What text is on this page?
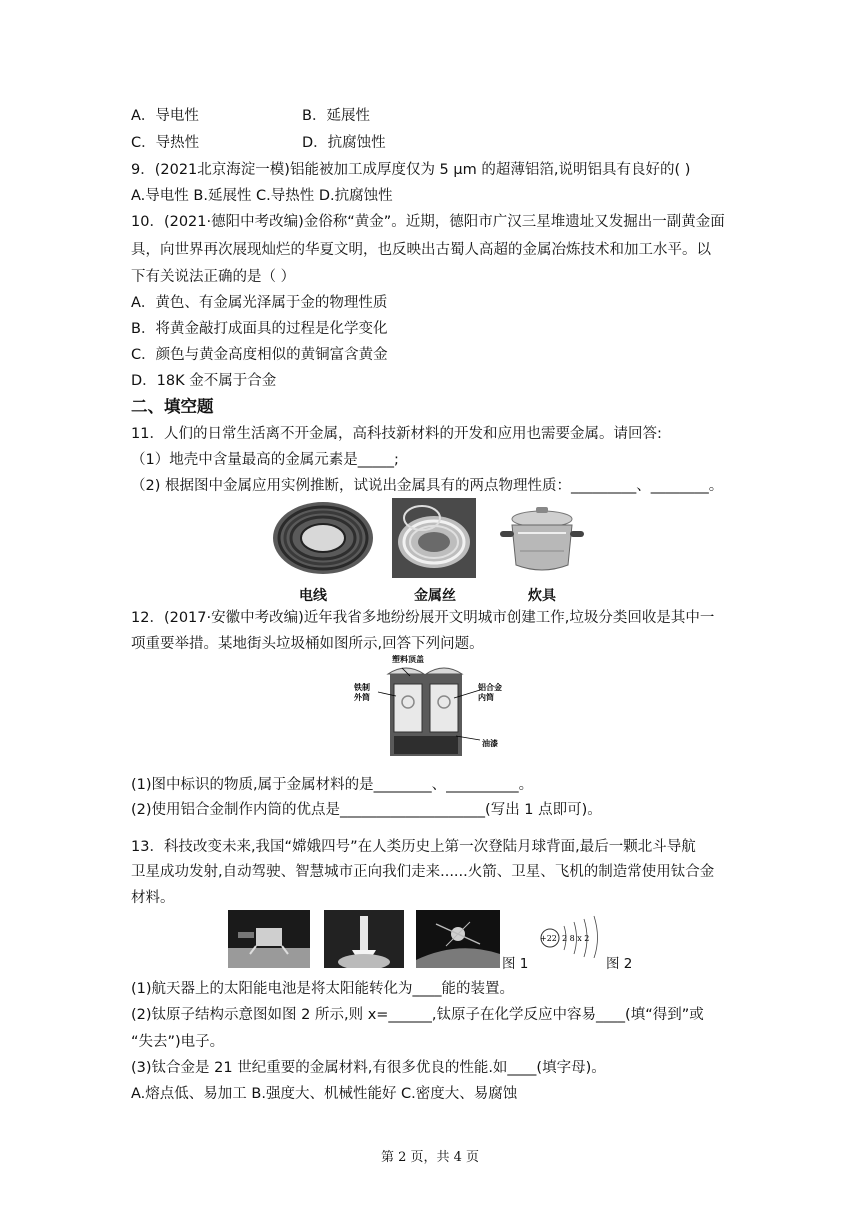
A．导电性	B．延展性
C．导热性	D．抗腐蚀性
9．(2021北京海淀一模)铝能被加工成厚度仅为 5 μm 的超薄铝箔,说明铝具有良好的( )
A.导电性 B.延展性 C.导热性 D.抗腐蚀性
10．(2021·德阳中考改编)金俗称“黄金”。近期，德阳市广汉三星堆遗址又发掘出一副黄金面
具，向世界再次展现灿烂的华夏文明，也反映出古蜀人高超的金属冶炼技术和加工水平。以
下有关说法正确的是（ ）
A．黄色、有金属光泽属于金的物理性质
B．将黄金敲打成面具的过程是化学变化
C．颜色与黄金高度相似的黄铜富含黄金
D．18K 金不属于合金
二、填空题
11．人们的日常生活离不开金属，高科技新材料的开发和应用也需要金属。请回答:
（1）地壳中含量最高的金属元素是_____;
（2) 根据图中金属应用实例推断，试说出金属具有的两点物理性质：_________、________。
电线	金属丝	炊具
12．(2017·安徽中考改编)近年我省多地纷纷展开文明城市创建工作,垃圾分类回收是其中一
项重要举措。某地街头垃圾桶如图所示,回答下列问题。
塑料顶盖
铁制
外筒
铝合金
内筒
油漆
(1)图中标识的物质,属于金属材料的是________、__________。
(2)使用铝合金制作内筒的优点是____________________(写出 1 点即可)。
13．科技改变未来,我国“嫦娥四号”在人类历史上第一次登陆月球背面,最后一颗北斗导航
卫星成功发射,自动驾驶、智慧城市正向我们走来......火箭、卫星、飞机的制造常使用钛合金
材料。
图 1
+22  2 8 x 2
图 2
(1)航天器上的太阳能电池是将太阳能转化为____能的装置。
(2)钛原子结构示意图如图 2 所示,则 x=______,钛原子在化学反应中容易____(填“得到”或
“失去”)电子。
(3)钛合金是 21 世纪重要的金属材料,有很多优良的性能.如____(填字母)。
A.熔点低、易加工 B.强度大、机械性能好 C.密度大、易腐蚀
第 2 页，共 4 页
